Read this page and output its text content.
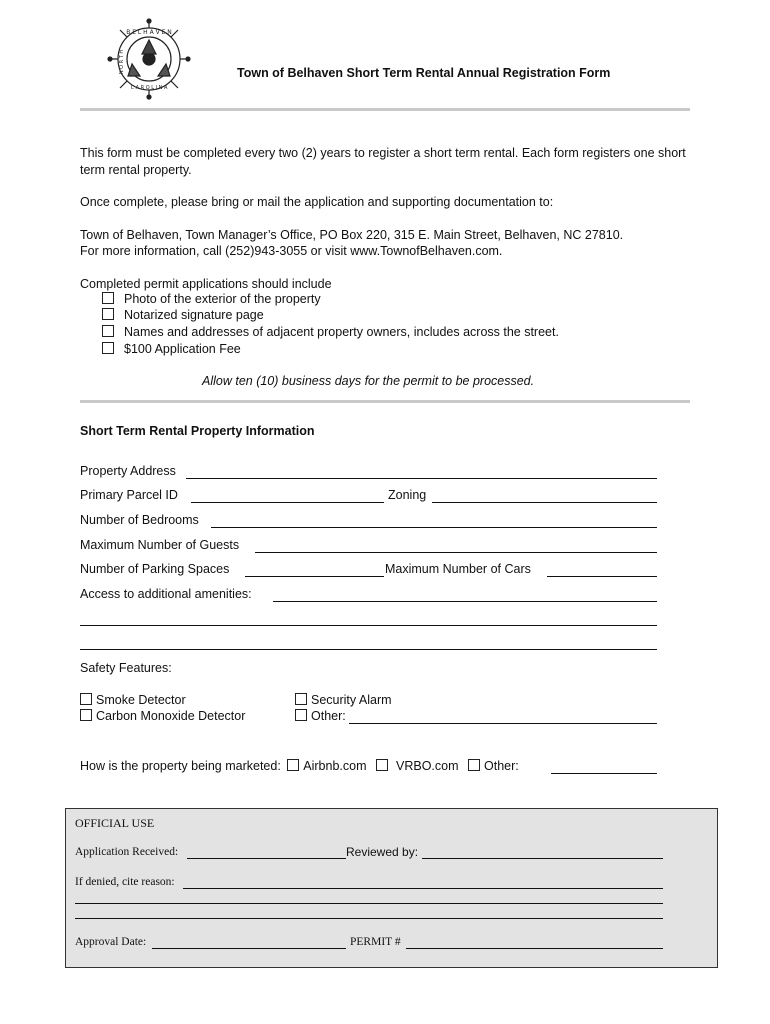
B E L H A V E N
N O R T H
C A R O L I N A
Town of Belhaven Short Term Rental Annual Registration Form
This form must be completed every two (2) years to register a short term rental. Each form registers one short term rental property.
Once complete, please bring or mail the application and supporting documentation to:
Town of Belhaven, Town Manager’s Office, PO Box 220, 315 E. Main Street, Belhaven, NC 27810.
For more information, call (252)943-3055 or visit www.TownofBelhaven.com.
Completed permit applications should include
Photo of the exterior of the property
Notarized signature page
Names and addresses of adjacent property owners, includes across the street.
$100 Application Fee
Allow ten (10) business days for the permit to be processed.
Short Term Rental Property Information
Property Address
Primary Parcel ID	Zoning
Number of Bedrooms
Maximum Number of Guests
Number of Parking Spaces	Maximum Number of Cars
Access to additional amenities:
Safety Features:
Smoke Detector
Carbon Monoxide Detector
Security Alarm
Other:
How is the property being marketed: Airbnb.com VRBO.com Other:
OFFICIAL USE
Application Received:	Reviewed by:
If denied, cite reason:
Approval Date:	PERMIT #
